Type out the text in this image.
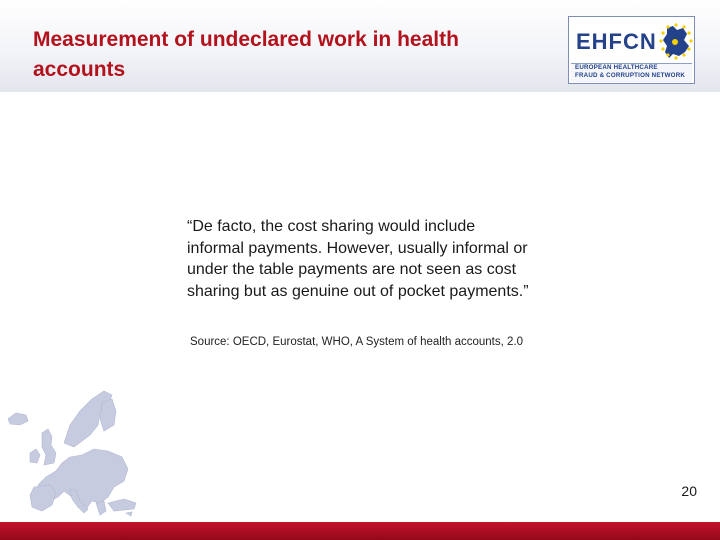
Measurement of undeclared work in health accounts
EHFCN
EUROPEAN HEALTHCARE
FRAUD & CORRUPTION NETWORK
“De facto, the cost sharing would include informal payments. However, usually informal or under the table payments are not seen as cost sharing but as genuine out of pocket payments.”
Source: OECD, Eurostat, WHO, A System of health accounts, 2.0
20
